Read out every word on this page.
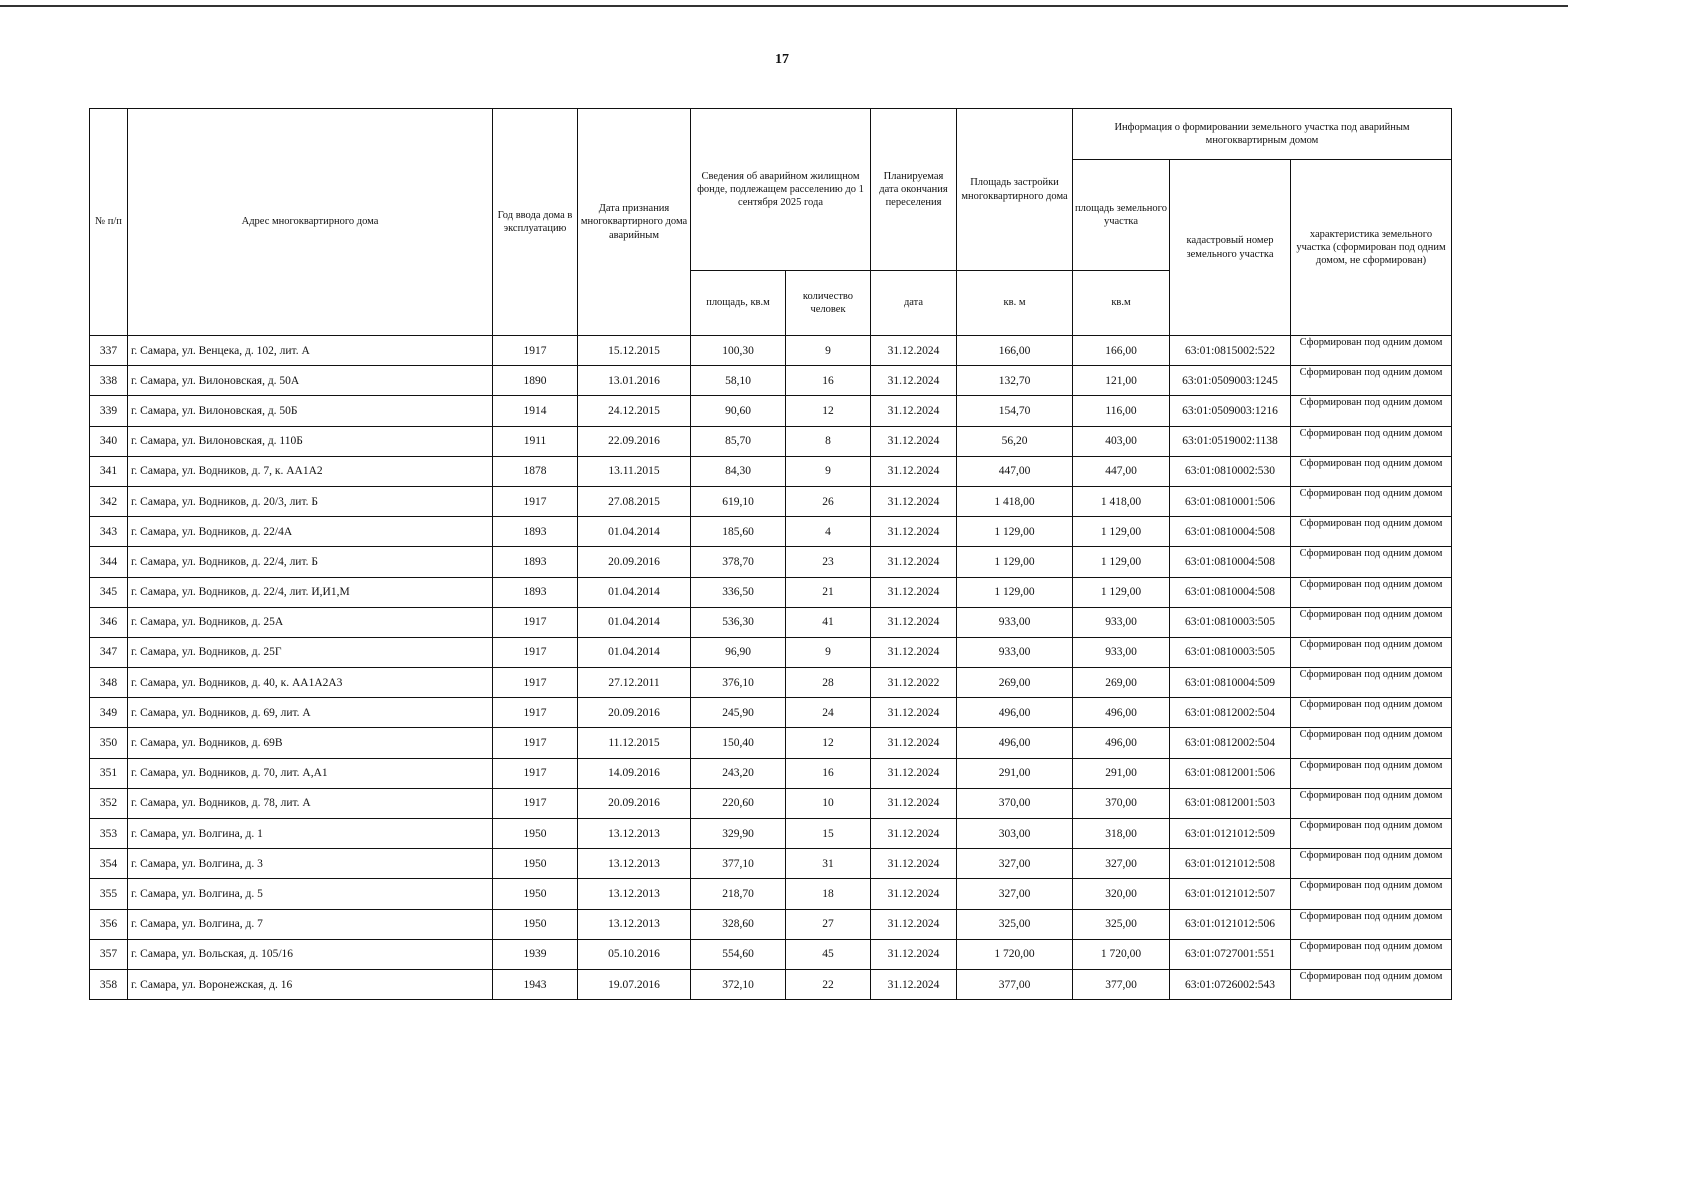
17
№ п/п	Адрес многоквартирного дома	Год ввода дома в эксплуатацию	Дата признания многоквартирного дома аварийным	Сведения об аварийном жилищном фонде, подлежащем расселению до 1 сентября 2025 года		Планируемая дата окончания переселения	Площадь застройки многоквартирного дома	Информация о формировании земельного участка под аварийным многоквартирным домом		
								площадь земельного участка	кадастровый номер земельного участка	характеристика земельного участка (сформирован под одним домом, не сформирован)
				площадь, кв.м	количество человек	дата	кв. м	кв.м		
337	г. Самара, ул. Венцека, д. 102, лит. А	1917	15.12.2015	100,30	9	31.12.2024	166,00	166,00	63:01:0815002:522	Сформирован под одним домом
338	г. Самара, ул. Вилоновская, д. 50А	1890	13.01.2016	58,10	16	31.12.2024	132,70	121,00	63:01:0509003:1245	Сформирован под одним домом
339	г. Самара, ул. Вилоновская, д. 50Б	1914	24.12.2015	90,60	12	31.12.2024	154,70	116,00	63:01:0509003:1216	Сформирован под одним домом
340	г. Самара, ул. Вилоновская, д. 110Б	1911	22.09.2016	85,70	8	31.12.2024	56,20	403,00	63:01:0519002:1138	Сформирован под одним домом
341	г. Самара, ул. Водников, д. 7, к. АА1А2	1878	13.11.2015	84,30	9	31.12.2024	447,00	447,00	63:01:0810002:530	Сформирован под одним домом
342	г. Самара, ул. Водников, д. 20/3, лит. Б	1917	27.08.2015	619,10	26	31.12.2024	1 418,00	1 418,00	63:01:0810001:506	Сформирован под одним домом
343	г. Самара, ул. Водников, д. 22/4А	1893	01.04.2014	185,60	4	31.12.2024	1 129,00	1 129,00	63:01:0810004:508	Сформирован под одним домом
344	г. Самара, ул. Водников, д. 22/4, лит. Б	1893	20.09.2016	378,70	23	31.12.2024	1 129,00	1 129,00	63:01:0810004:508	Сформирован под одним домом
345	г. Самара, ул. Водников, д. 22/4, лит. И,И1,М	1893	01.04.2014	336,50	21	31.12.2024	1 129,00	1 129,00	63:01:0810004:508	Сформирован под одним домом
346	г. Самара, ул. Водников, д. 25А	1917	01.04.2014	536,30	41	31.12.2024	933,00	933,00	63:01:0810003:505	Сформирован под одним домом
347	г. Самара, ул. Водников, д. 25Г	1917	01.04.2014	96,90	9	31.12.2024	933,00	933,00	63:01:0810003:505	Сформирован под одним домом
348	г. Самара, ул. Водников, д. 40, к. АА1А2А3	1917	27.12.2011	376,10	28	31.12.2022	269,00	269,00	63:01:0810004:509	Сформирован под одним домом
349	г. Самара, ул. Водников, д. 69, лит. А	1917	20.09.2016	245,90	24	31.12.2024	496,00	496,00	63:01:0812002:504	Сформирован под одним домом
350	г. Самара, ул. Водников, д. 69В	1917	11.12.2015	150,40	12	31.12.2024	496,00	496,00	63:01:0812002:504	Сформирован под одним домом
351	г. Самара, ул. Водников, д. 70, лит. А,А1	1917	14.09.2016	243,20	16	31.12.2024	291,00	291,00	63:01:0812001:506	Сформирован под одним домом
352	г. Самара, ул. Водников, д. 78, лит. А	1917	20.09.2016	220,60	10	31.12.2024	370,00	370,00	63:01:0812001:503	Сформирован под одним домом
353	г. Самара, ул. Волгина, д. 1	1950	13.12.2013	329,90	15	31.12.2024	303,00	318,00	63:01:0121012:509	Сформирован под одним домом
354	г. Самара, ул. Волгина, д. 3	1950	13.12.2013	377,10	31	31.12.2024	327,00	327,00	63:01:0121012:508	Сформирован под одним домом
355	г. Самара, ул. Волгина, д. 5	1950	13.12.2013	218,70	18	31.12.2024	327,00	320,00	63:01:0121012:507	Сформирован под одним домом
356	г. Самара, ул. Волгина, д. 7	1950	13.12.2013	328,60	27	31.12.2024	325,00	325,00	63:01:0121012:506	Сформирован под одним домом
357	г. Самара, ул. Вольская, д. 105/16	1939	05.10.2016	554,60	45	31.12.2024	1 720,00	1 720,00	63:01:0727001:551	Сформирован под одним домом
358	г. Самара, ул. Воронежская, д. 16	1943	19.07.2016	372,10	22	31.12.2024	377,00	377,00	63:01:0726002:543	Сформирован под одним домом
